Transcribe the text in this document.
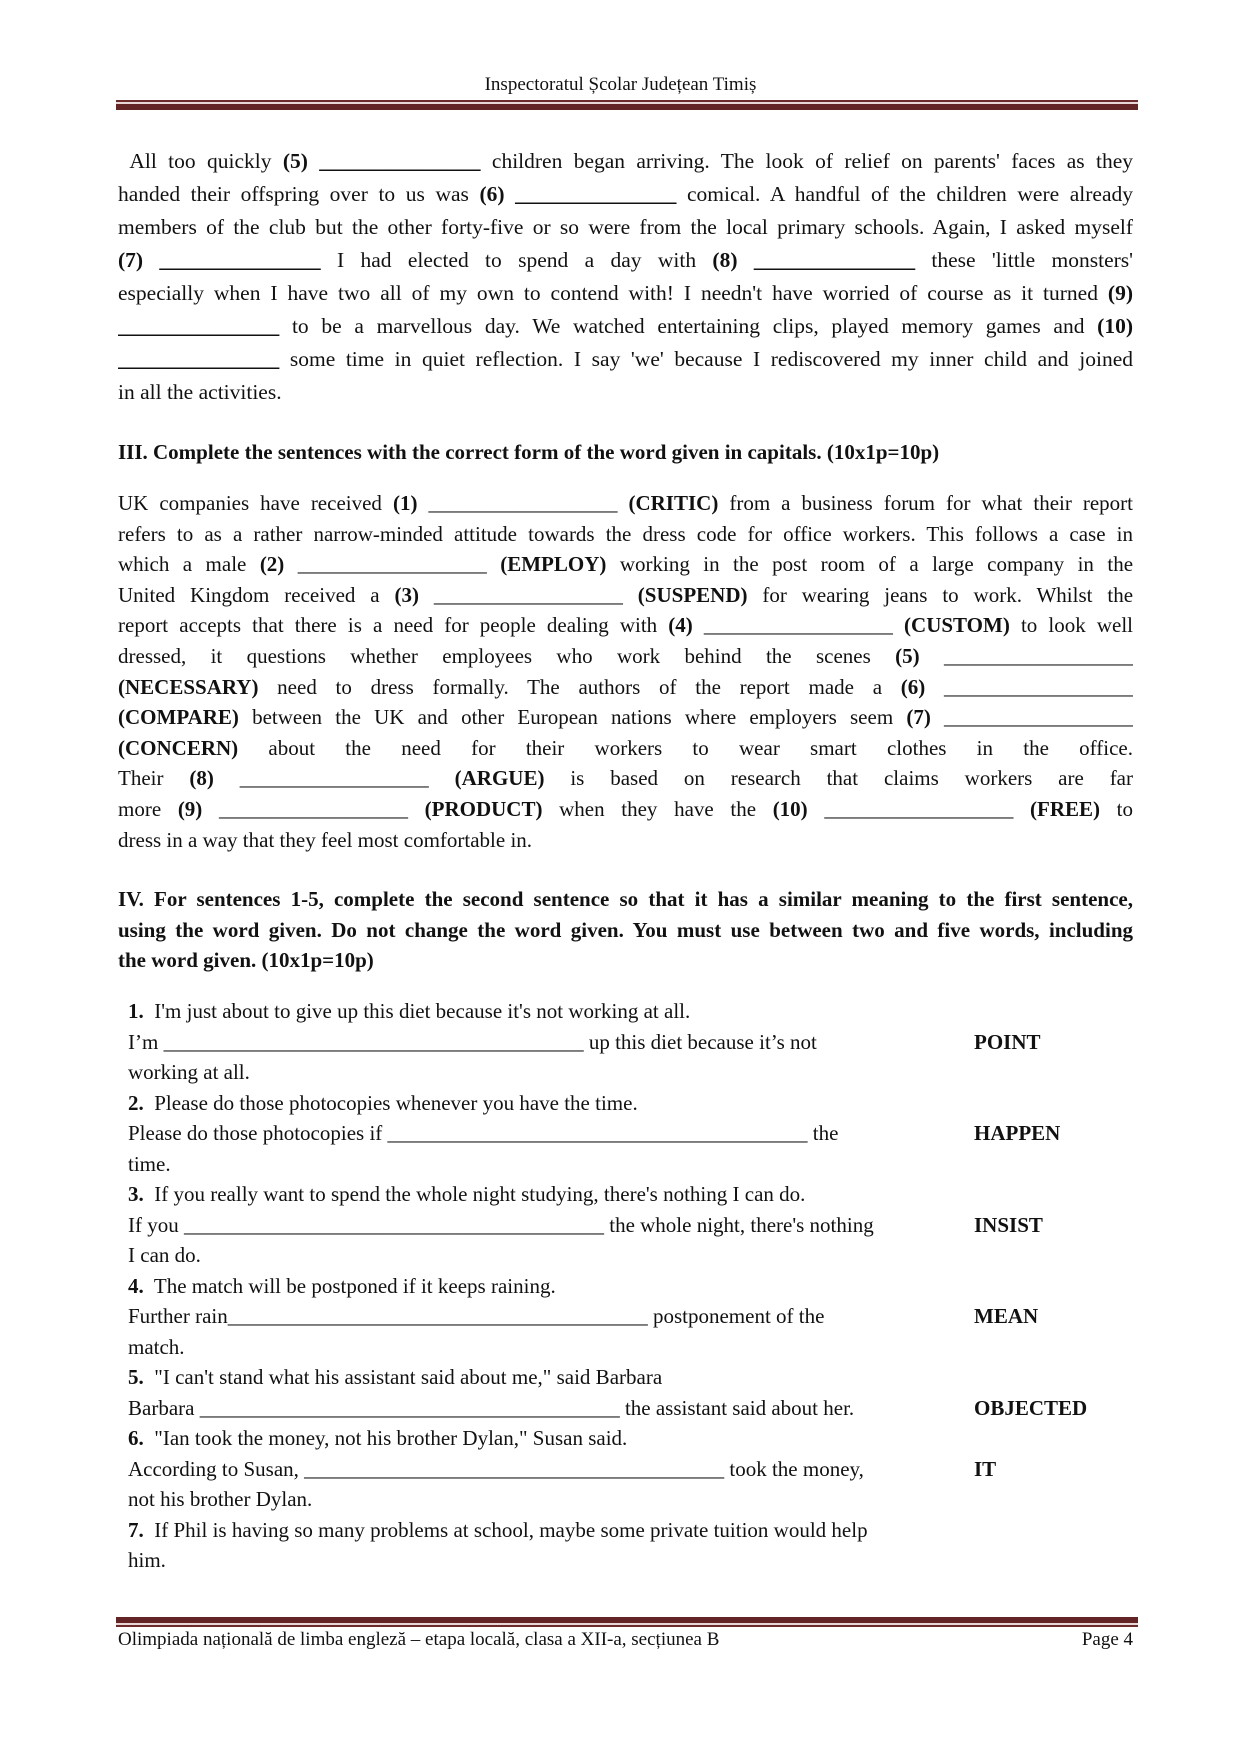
Inspectoratul Școlar Județean Timiș
All too quickly (5) _______________ children began arriving. The look of relief on parents' faces as they
handed their offspring over to us was (6) _______________ comical. A handful of the children were already
members of the club but the other forty-five or so were from the local primary schools. Again, I asked myself
(7) _______________ I had elected to spend a day with (8) _______________ these 'little monsters'
especially when I have two all of my own to contend with! I needn't have worried of course as it turned (9)
_______________ to be a marvellous day. We watched entertaining clips, played memory games and (10)
_______________ some time in quiet reflection. I say 'we' because I rediscovered my inner child and joined
in all the activities.
III. Complete the sentences with the correct form of the word given in capitals. (10x1p=10p)
UK companies have received (1) __________________ (CRITIC) from a business forum for what their report
refers to as a rather narrow-minded attitude towards the dress code for office workers. This follows a case in
which a male (2) __________________ (EMPLOY) working in the post room of a large company in the
United Kingdom received a (3) __________________ (SUSPEND) for wearing jeans to work. Whilst the
report accepts that there is a need for people dealing with (4) __________________ (CUSTOM) to look well
dressed, it questions whether employees who work behind the scenes (5) __________________
(NECESSARY) need to dress formally. The authors of the report made a (6) __________________
(COMPARE) between the UK and other European nations where employers seem (7) __________________
(CONCERN) about the need for their workers to wear smart clothes in the office.
Their (8) __________________ (ARGUE) is based on research that claims workers are far
more (9) __________________ (PRODUCT) when they have the (10) __________________ (FREE) to
dress in a way that they feel most comfortable in.
IV. For sentences 1-5, complete the second sentence so that it has a similar meaning to the first sentence,
using the word given. Do not change the word given. You must use between two and five words, including
the word given. (10x1p=10p)
1.  I'm just about to give up this diet because it's not working at all.
I’m ________________________________________ up this diet because it’s not	POINT
working at all.
2.  Please do those photocopies whenever you have the time.
Please do those photocopies if ________________________________________ the	HAPPEN
time.
3.  If you really want to spend the whole night studying, there's nothing I can do.
If you ________________________________________ the whole night, there's nothing	INSIST
I can do.
4.  The match will be postponed if it keeps raining.
Further rain________________________________________ postponement of the	MEAN
match.
5.  "I can't stand what his assistant said about me," said Barbara
Barbara ________________________________________ the assistant said about her.	OBJECTED
6.  "Ian took the money, not his brother Dylan," Susan said.
According to Susan, ________________________________________ took the money,	IT
not his brother Dylan.
7.  If Phil is having so many problems at school, maybe some private tuition would help
him.
Olimpiada națională de limba engleză – etapa locală, clasa a XII-a, secțiunea B	Page 4
